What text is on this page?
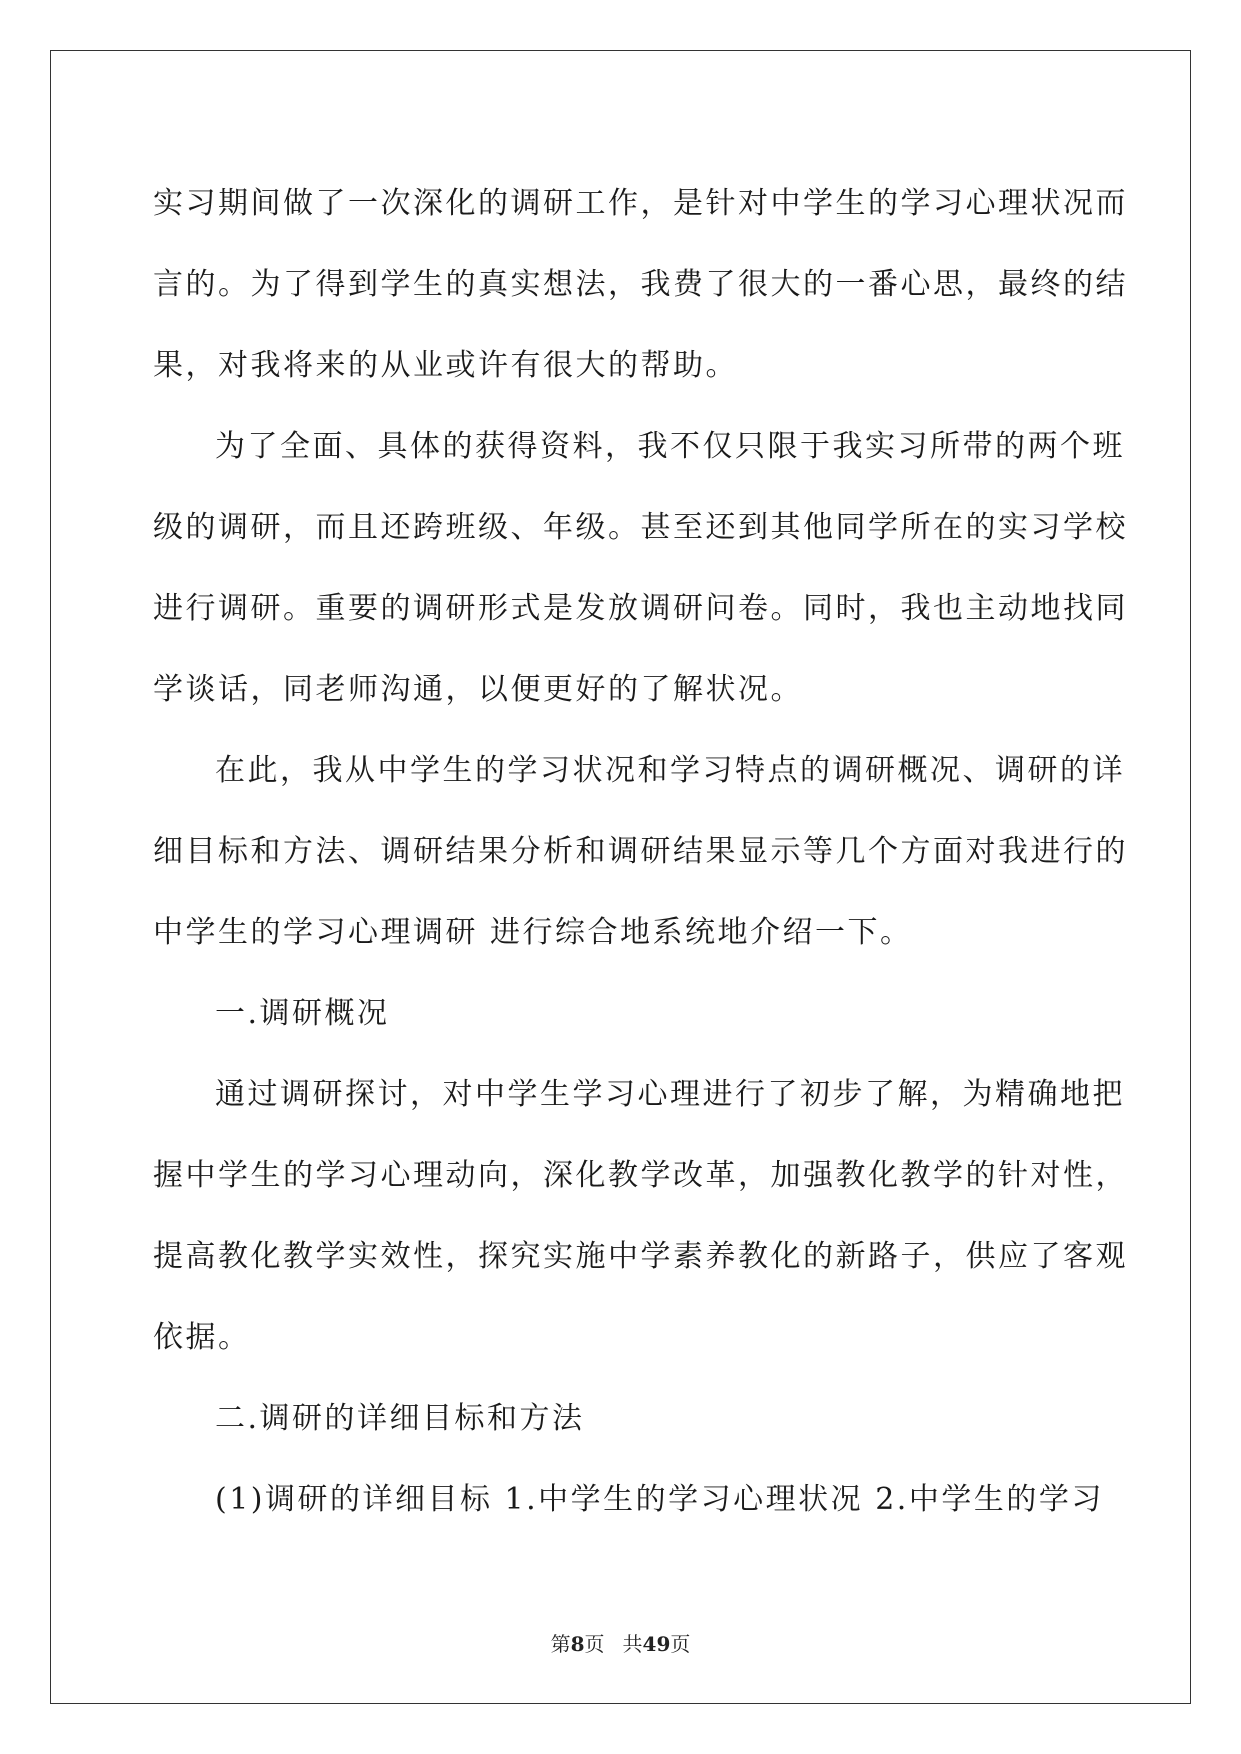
实习期间做了一次深化的调研工作，是针对中学生的学习心理状况而
言的。为了得到学生的真实想法，我费了很大的一番心思，最终的结
果，对我将来的从业或许有很大的帮助。

为了全面、具体的获得资料，我不仅只限于我实习所带的两个班
级的调研，而且还跨班级、年级。甚至还到其他同学所在的实习学校
进行调研。重要的调研形式是发放调研问卷。同时，我也主动地找同
学谈话，同老师沟通，以便更好的了解状况。

在此，我从中学生的学习状况和学习特点的调研概况、调研的详
细目标和方法、调研结果分析和调研结果显示等几个方面对我进行的
中学生的学习心理调研 进行综合地系统地介绍一下。

一.调研概况

通过调研探讨，对中学生学习心理进行了初步了解，为精确地把
握中学生的学习心理动向，深化教学改革，加强教化教学的针对性，
提高教化教学实效性，探究实施中学素养教化的新路子，供应了客观
依据。

二.调研的详细目标和方法

(1)调研的详细目标 1.中学生的学习心理状况 2.中学生的学习

第8页 共49页
